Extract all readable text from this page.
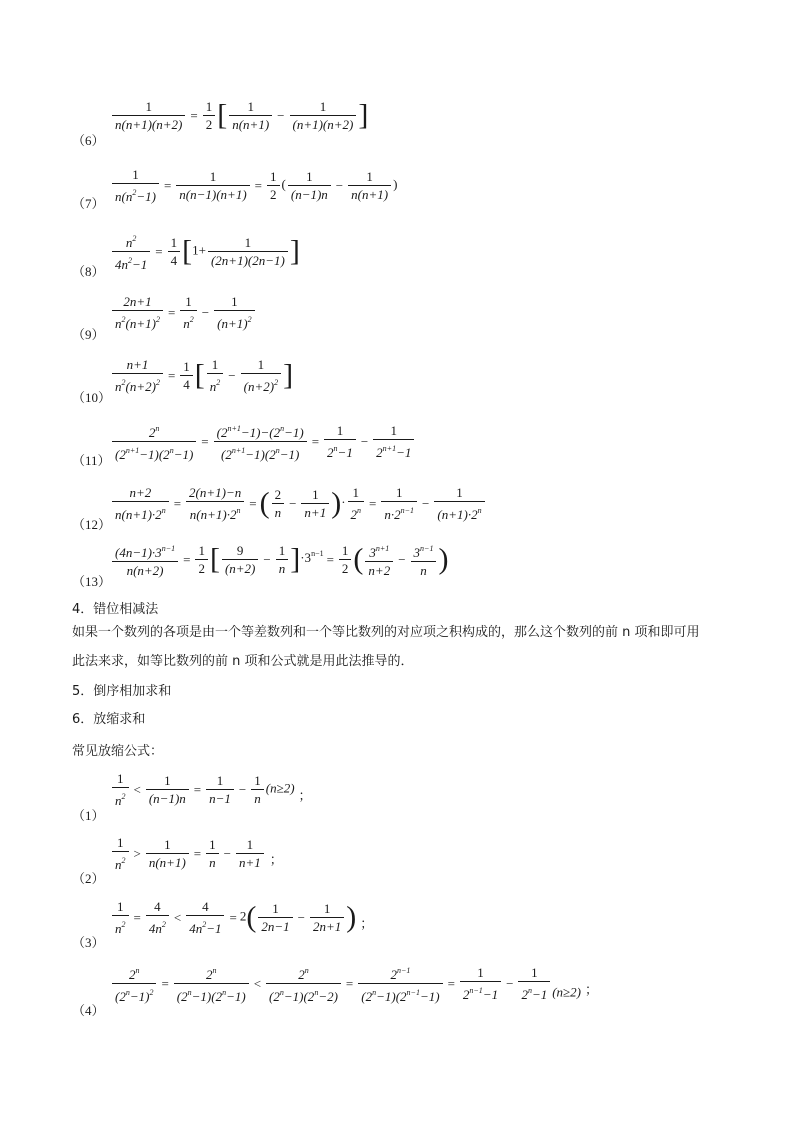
（6）
$\frac{1}{n(n+1)(n+2)} = \frac{1}{2}$ [ $\frac{1}{n(n+1)} - \frac{1}{(n+1)(n+2)}$ ]
$(7) \frac{1}{n(n^2-1)} = \frac{1}{n(n-1)(n+1)} = \frac{1}{2}$ ( $\frac{1}{(n-1)n} - \frac{1}{n(n+1)}$ )
$(8) \frac{n^2}{4n^2-1} = \frac{1}{4} [1+ \frac{1}{(2n+1)(2n-1)}$ ]
（9）
$\frac{2n+1}{n^2(n+1)^2} = \frac{1}{n^2} - \frac{1}{(n+1)^2}$
（10）
$\frac{n+1}{n^2(n+2)^2} = \frac{1}{4}$ [ $\frac{1}{n^2} - \frac{1}{(n+2)^2}$ ]
$(11) \frac{2^n}{(2^{n+1}-1)(2^n-1)} = \frac{(2^{n+1}-1)-(2^n-1)}{(2^{n+1}-1)(2^n-1)} = \frac{1}{2^n-1} - \frac{1}{2^{n+1}-1}$
（12）
$\frac{n+2}{n(n+1)\cdot 2^n} = \frac{2(n+1)-n}{n(n+1)\cdot 2^n}$ = ( $\frac{2}{n} - \frac{1}{n+1}$ )· $\frac{1}{2^n} = \frac{1}{n\cdot 2^{n-1}} - \frac{1}{(n+1)\cdot 2^n}$
（13）
$\frac{(4n-1)\cdot 3^{n-1}}{n(n+2)} = \frac{1}{2}$ [ $\frac{9}{(n+2)} - \frac{1}{n} ]\cdot 3^{n-1} = \frac{1}{2}$ ( $\frac{3^{n+1}}{n+2} - \frac{3^{n-1}}{n}$ )
4．错位相减法
如果一个数列的各项是由一个等差数列和一个等比数列的对应项之积构成的，那么这个数列的前 n 项和即可用此法来求，如等比数列的前 n 项和公式就是用此法推导的．
5．倒序相加求和
6．放缩求和
常见放缩公式：
（1）
$\frac{1}{n^2} < \frac{1}{(n-1)n} = \frac{1}{n-1} - \frac{1}{n} (n\ge 2)$；
（2）
$\frac{1}{n^2} > \frac{1}{n(n+1)} = \frac{1}{n} - \frac{1}{n+1}$ ；
（3）
$\frac{1}{n^2} = \frac{4}{4n^2} < \frac{4}{4n^2-1} = 2( \frac{1}{2n-1} - \frac{1}{2n+1}$ ) ；
（4）
$\frac{2^n}{(2^n-1)^2} = \frac{2^n}{(2^n-1)(2^n-1)} < \frac{2^n}{(2^n-1)(2^n-2)} = \frac{2^{n-1}}{(2^n-1)(2^{n-1}-1)} = \frac{1}{2^{n-1}-1} - \frac{1}{2^n-1} (n\ge 2)$ ；
